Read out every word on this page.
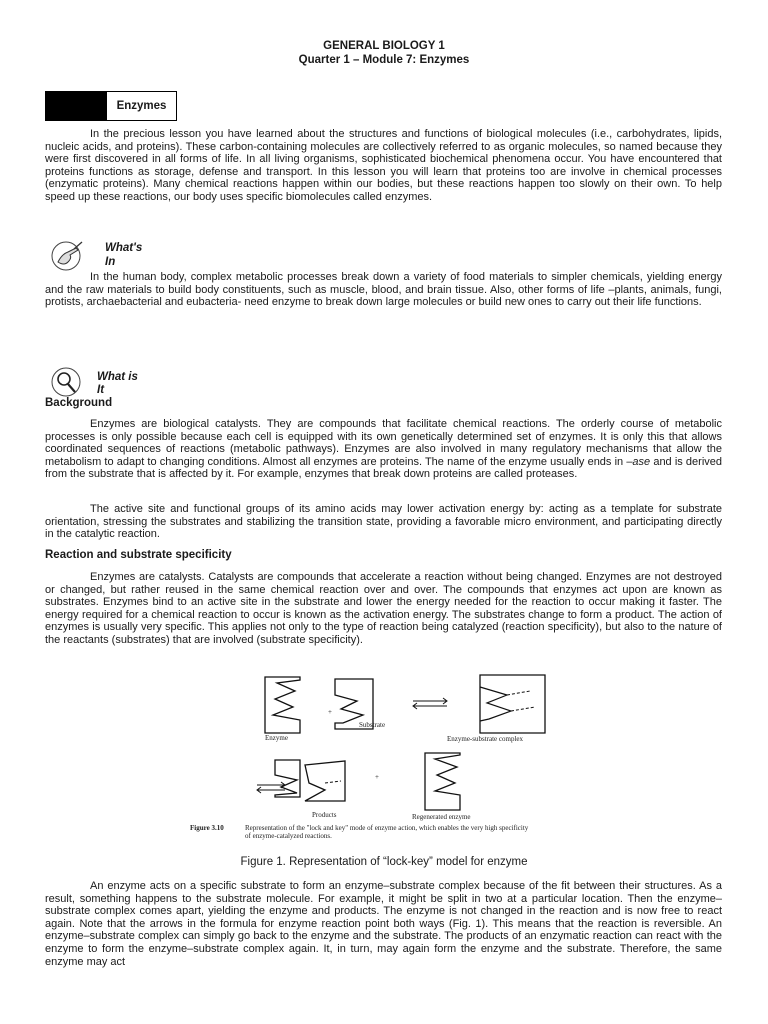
GENERAL BIOLOGY 1
Quarter 1 – Module 7: Enzymes
Enzymes

In the precious lesson you have learned about the structures and functions of biological molecules (i.e., carbohydrates, lipids, nucleic acids, and proteins). These carbon-containing molecules are collectively referred to as organic molecules, so named because they were first discovered in all forms of life. In all living organisms, sophisticated biochemical phenomena occur. You have encountered that proteins functions as storage, defense and transport. In this lesson you will learn that proteins too are involve in chemical processes (enzymatic proteins). Many chemical reactions happen within our bodies, but these reactions happen too slowly on their own. To help speed up these reactions, our body uses specific biomolecules called enzymes.

What's
In

In the human body, complex metabolic processes break down a variety of food materials to simpler chemicals, yielding energy and the raw materials to build body constituents, such as muscle, blood, and brain tissue. Also, other forms of life –plants, animals, fungi, protists, archaebacterial and eubacteria- need enzyme to break down large molecules or build new ones to carry out their life functions.

What is
It
Background

Enzymes are biological catalysts. They are compounds that facilitate chemical reactions. The orderly course of metabolic processes is only possible because each cell is equipped with its own genetically determined set of enzymes. It is only this that allows coordinated sequences of reactions (metabolic pathways). Enzymes are also involved in many regulatory mechanisms that allow the metabolism to adapt to changing conditions. Almost all enzymes are proteins. The name of the enzyme usually ends in –ase and is derived from the substrate that is affected by it. For example, enzymes that break down proteins are called proteases.

The active site and functional groups of its amino acids may lower activation energy by: acting as a template for substrate orientation, stressing the substrates and stabilizing the transition state, providing a favorable micro environment, and participating directly in the catalytic reaction.

Reaction and substrate specificity

Enzymes are catalysts. Catalysts are compounds that accelerate a reaction without being changed. Enzymes are not destroyed or changed, but rather reused in the same chemical reaction over and over. The compounds that enzymes act upon are known as substrates. Enzymes bind to an active site in the substrate and lower the energy needed for the reaction to occur making it faster. The energy required for a chemical reaction to occur is known as the activation energy. The substrates change to form a product. The action of enzymes is usually very specific. This applies not only to the type of reaction being catalyzed (reaction specificity), but also to the nature of the reactants (substrates) that are involved (substrate specificity).

Enzyme
+
Substrate
Enzyme-substrate complex
+
Products	Regenerated enzyme
Figure 3.10	Representation of the "lock and key" mode of enzyme action, which enables the very high specificity
of enzyme-catalyzed reactions.
Figure 1. Representation of “lock-key” model for enzyme

An enzyme acts on a specific substrate to form an enzyme–substrate complex because of the fit between their structures. As a result, something happens to the substrate molecule. For example, it might be split in two at a particular location. Then the enzyme–substrate complex comes apart, yielding the enzyme and products. The enzyme is not changed in the reaction and is now free to react again. Note that the arrows in the formula for enzyme reaction point both ways (Fig. 1). This means that the reaction is reversible. An enzyme–substrate complex can simply go back to the enzyme and the substrate. The products of an enzymatic reaction can react with the enzyme to form the enzyme–substrate complex again. It, in turn, may again form the enzyme and the substrate. Therefore, the same enzyme may act
